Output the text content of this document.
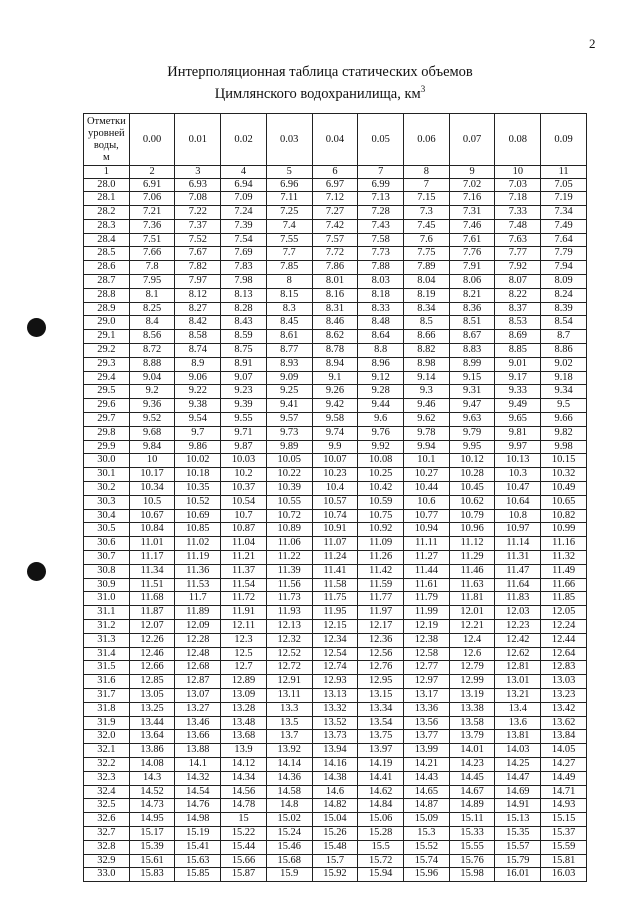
2
Интерполяционная таблица статических объемов
Цимлянского водохранилища, $км^3$
Отметки
уровней
воды,
м	0.00	0.01	0.02	0.03	0.04	0.05	0.06	0.07	0.08	0.09
1	2	3	4	5	6	7	8	9	10	11
28.0	6.91	6.93	6.94	6.96	6.97	6.99	7	7.02	7.03	7.05
28.1	7.06	7.08	7.09	7.11	7.12	7.13	7.15	7.16	7.18	7.19
28.2	7.21	7.22	7.24	7.25	7.27	7.28	7.3	7.31	7.33	7.34
28.3	7.36	7.37	7.39	7.4	7.42	7.43	7.45	7.46	7.48	7.49
28.4	7.51	7.52	7.54	7.55	7.57	7.58	7.6	7.61	7.63	7.64
28.5	7.66	7.67	7.69	7.7	7.72	7.73	7.75	7.76	7.77	7.79
28.6	7.8	7.82	7.83	7.85	7.86	7.88	7.89	7.91	7.92	7.94
28.7	7.95	7.97	7.98	8	8.01	8.03	8.04	8.06	8.07	8.09
28.8	8.1	8.12	8.13	8.15	8.16	8.18	8.19	8.21	8.22	8.24
28.9	8.25	8.27	8.28	8.3	8.31	8.33	8.34	8.36	8.37	8.39
29.0	8.4	8.42	8.43	8.45	8.46	8.48	8.5	8.51	8.53	8.54
29.1	8.56	8.58	8.59	8.61	8.62	8.64	8.66	8.67	8.69	8.7
29.2	8.72	8.74	8.75	8.77	8.78	8.8	8.82	8.83	8.85	8.86
29.3	8.88	8.9	8.91	8.93	8.94	8.96	8.98	8.99	9.01	9.02
29.4	9.04	9.06	9.07	9.09	9.1	9.12	9.14	9.15	9.17	9.18
29.5	9.2	9.22	9.23	9.25	9.26	9.28	9.3	9.31	9.33	9.34
29.6	9.36	9.38	9.39	9.41	9.42	9.44	9.46	9.47	9.49	9.5
29.7	9.52	9.54	9.55	9.57	9.58	9.6	9.62	9.63	9.65	9.66
29.8	9.68	9.7	9.71	9.73	9.74	9.76	9.78	9.79	9.81	9.82
29.9	9.84	9.86	9.87	9.89	9.9	9.92	9.94	9.95	9.97	9.98
30.0	10	10.02	10.03	10.05	10.07	10.08	10.1	10.12	10.13	10.15
30.1	10.17	10.18	10.2	10.22	10.23	10.25	10.27	10.28	10.3	10.32
30.2	10.34	10.35	10.37	10.39	10.4	10.42	10.44	10.45	10.47	10.49
30.3	10.5	10.52	10.54	10.55	10.57	10.59	10.6	10.62	10.64	10.65
30.4	10.67	10.69	10.7	10.72	10.74	10.75	10.77	10.79	10.8	10.82
30.5	10.84	10.85	10.87	10.89	10.91	10.92	10.94	10.96	10.97	10.99
30.6	11.01	11.02	11.04	11.06	11.07	11.09	11.11	11.12	11.14	11.16
30.7	11.17	11.19	11.21	11.22	11.24	11.26	11.27	11.29	11.31	11.32
30.8	11.34	11.36	11.37	11.39	11.41	11.42	11.44	11.46	11.47	11.49
30.9	11.51	11.53	11.54	11.56	11.58	11.59	11.61	11.63	11.64	11.66
31.0	11.68	11.7	11.72	11.73	11.75	11.77	11.79	11.81	11.83	11.85
31.1	11.87	11.89	11.91	11.93	11.95	11.97	11.99	12.01	12.03	12.05
31.2	12.07	12.09	12.11	12.13	12.15	12.17	12.19	12.21	12.23	12.24
31.3	12.26	12.28	12.3	12.32	12.34	12.36	12.38	12.4	12.42	12.44
31.4	12.46	12.48	12.5	12.52	12.54	12.56	12.58	12.6	12.62	12.64
31.5	12.66	12.68	12.7	12.72	12.74	12.76	12.77	12.79	12.81	12.83
31.6	12.85	12.87	12.89	12.91	12.93	12.95	12.97	12.99	13.01	13.03
31.7	13.05	13.07	13.09	13.11	13.13	13.15	13.17	13.19	13.21	13.23
31.8	13.25	13.27	13.28	13.3	13.32	13.34	13.36	13.38	13.4	13.42
31.9	13.44	13.46	13.48	13.5	13.52	13.54	13.56	13.58	13.6	13.62
32.0	13.64	13.66	13.68	13.7	13.73	13.75	13.77	13.79	13.81	13.84
32.1	13.86	13.88	13.9	13.92	13.94	13.97	13.99	14.01	14.03	14.05
32.2	14.08	14.1	14.12	14.14	14.16	14.19	14.21	14.23	14.25	14.27
32.3	14.3	14.32	14.34	14.36	14.38	14.41	14.43	14.45	14.47	14.49
32.4	14.52	14.54	14.56	14.58	14.6	14.62	14.65	14.67	14.69	14.71
32.5	14.73	14.76	14.78	14.8	14.82	14.84	14.87	14.89	14.91	14.93
32.6	14.95	14.98	15	15.02	15.04	15.06	15.09	15.11	15.13	15.15
32.7	15.17	15.19	15.22	15.24	15.26	15.28	15.3	15.33	15.35	15.37
32.8	15.39	15.41	15.44	15.46	15.48	15.5	15.52	15.55	15.57	15.59
32.9	15.61	15.63	15.66	15.68	15.7	15.72	15.74	15.76	15.79	15.81
33.0	15.83	15.85	15.87	15.9	15.92	15.94	15.96	15.98	16.01	16.03
